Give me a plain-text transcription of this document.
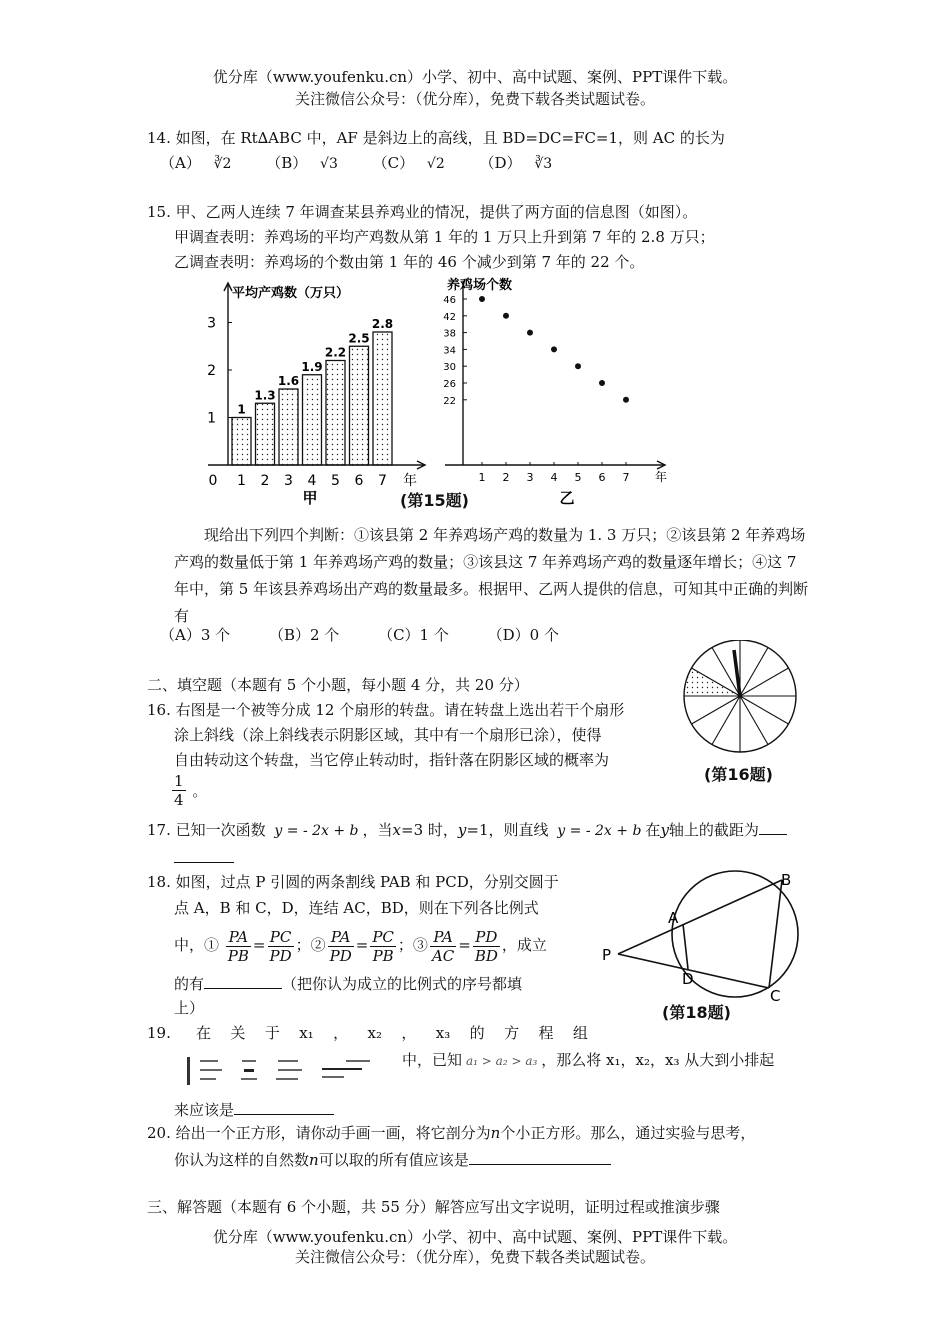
优分库（www.youfenku.cn）小学、初中、高中试题、案例、PPT课件下载。
关注微信公众号：（优分库），免费下载各类试题试卷。
14. 如图，在 Rt∆ABC 中，AF 是斜边上的高线，且 BD=DC=FC=1，则 AC 的长为
（A） ∛2 （B） √3 （C） √2 （D） ∛3
15. 甲、乙两人连续 7 年调查某县养鸡业的情况，提供了两方面的信息图（如图）。
甲调查表明：养鸡场的平均产鸡数从第 1 年的 1 万只上升到第 7 年的 2.8 万只；
乙调查表明：养鸡场的个数由第 1 年的 46 个减少到第 7 年的 22 个。
平均产鸡数（万只）
0
1
2
3
1
1
1.3
2
1.6
3
1.9
4
2.2
5
2.5
6
2.8
7 年
甲
养鸡场个数
22
26
30
34
38
42
46
1 2 3 4 5 6 7 年
乙
(第15题)
现给出下列四个判断：①该县第 2 年养鸡场产鸡的数量为 1. 3 万只；②该县第 2 年养鸡场产鸡的数量低于第 1 年养鸡场产鸡的数量；③该县这 7 年养鸡场产鸡的数量逐年增长；④这 7 年中，第 5 年该县养鸡场出产鸡的数量最多。根据甲、乙两人提供的信息，可知其中正确的判断有
（A）3 个	（B）2 个	（C）1 个	（D）0 个
二、填空题（本题有 5 个小题，每小题 4 分，共 20 分）
16. 右图是一个被等分成 12 个扇形的转盘。请在转盘上选出若干个扇形
涂上斜线（涂上斜线表示阴影区域，其中有一个扇形已涂），使得
自由转动这个转盘，当它停止转动时，指针落在阴影区域的概率为
$\frac{1}{4}$ 。
(第16题)
17. 已知一次函数 y = - 2x + b ，当x=3 时，y=1，则直线 y = - 2x + b 在y轴上的截距为
18. 如图，过点 P 引圆的两条割线 PAB 和 PCD，分别交圆于
点 A，B 和 C，D，连结 AC，BD，则在下列各比例式
中，① $\frac{PA}{PB} = \frac{PC}{PD}$ ；② $\frac{PA}{PD} = \frac{PC}{PB}$ ；③ $\frac{PA}{AC} = \frac{PD}{BD}$ ，成立
的有	（把你认为成立的比例式的序号都填
上）
P
A
B
C
D
(第18题)
19. 在 关 于 x₁ ， x₂ ， x₃ 的 方 程 组
中，已知 a₁ > a₂ > a₃ ，那么将 x₁，x₂，x₃ 从大到小排起
来应该是
20. 给出一个正方形，请你动手画一画，将它剖分为n个小正方形。那么，通过实验与思考，
你认为这样的自然数n可以取的所有值应该是
三、解答题（本题有 6 个小题，共 55 分）解答应写出文字说明，证明过程或推演步骤
优分库（www.youfenku.cn）小学、初中、高中试题、案例、PPT课件下载。
关注微信公众号：（优分库），免费下载各类试题试卷。
